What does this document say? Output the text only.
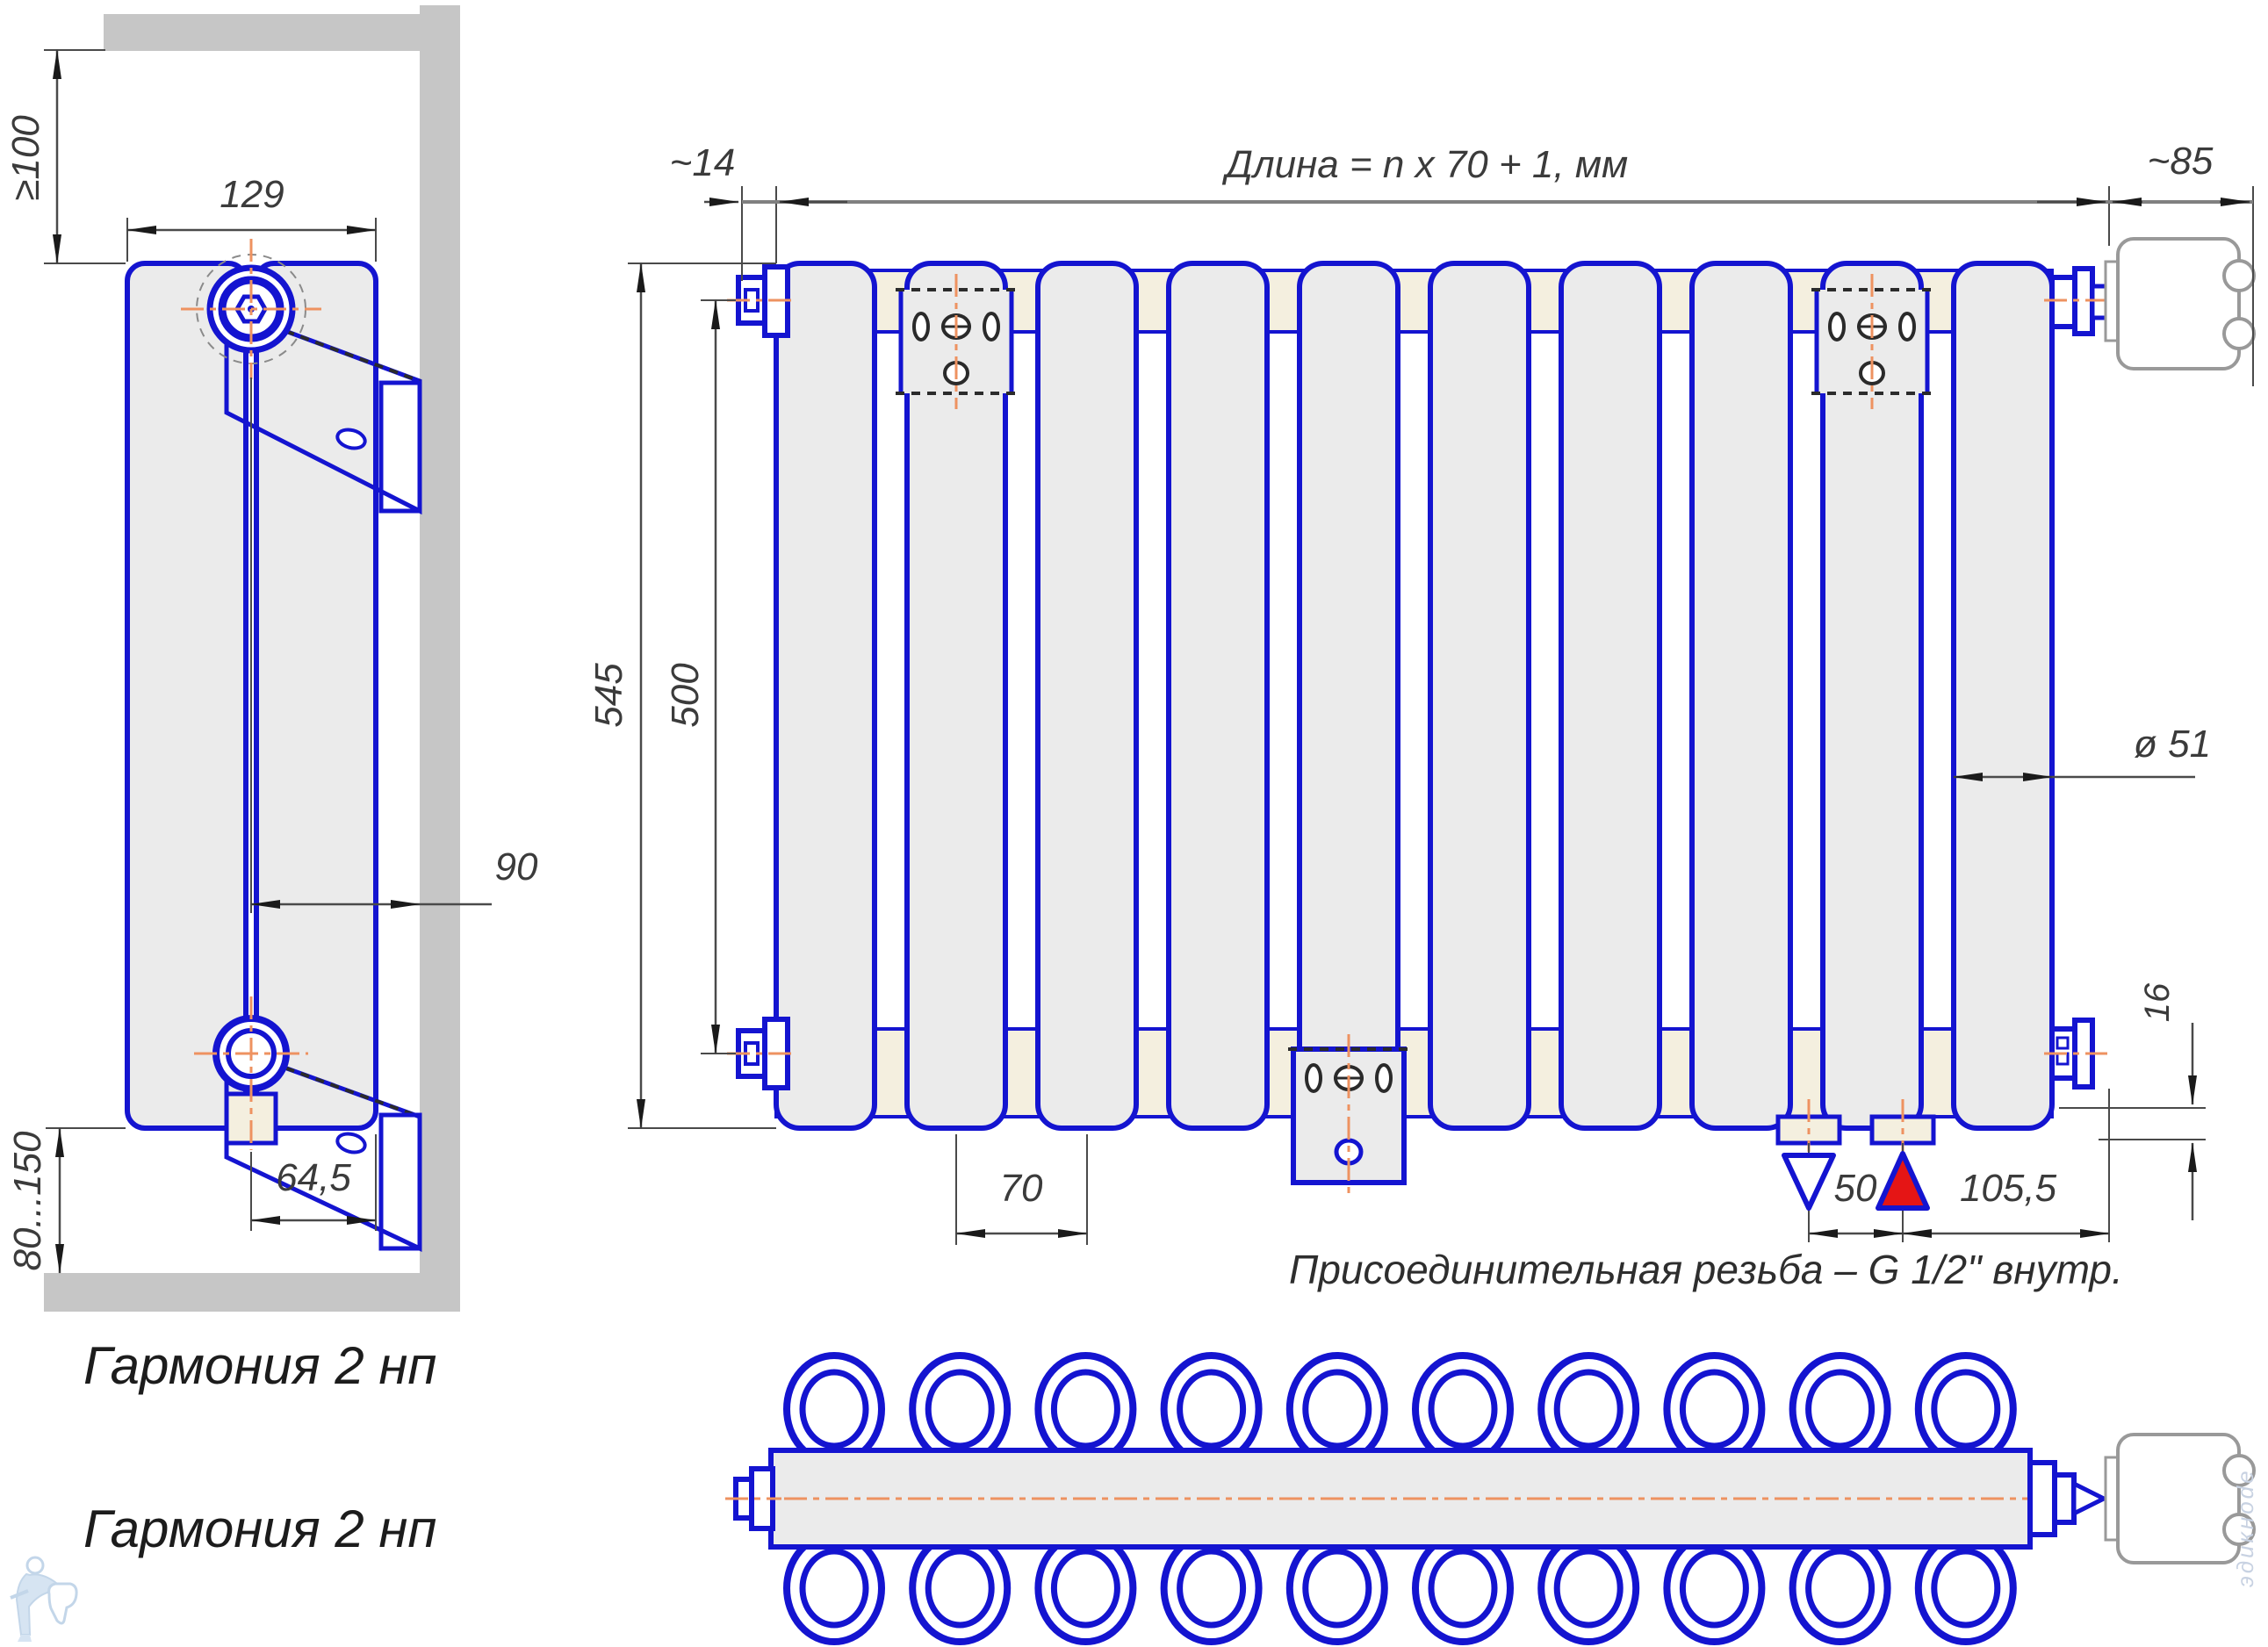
129
≥100
90
64,5
80...150
~14	Длина = n x 70 + 1, мм	~85
545 500
ø 51
16
70	50 105,5
Присоединительная резьба – G 1/2" внутр.
Гармония 2 нп
Гармония 2 нп	эдикнode
